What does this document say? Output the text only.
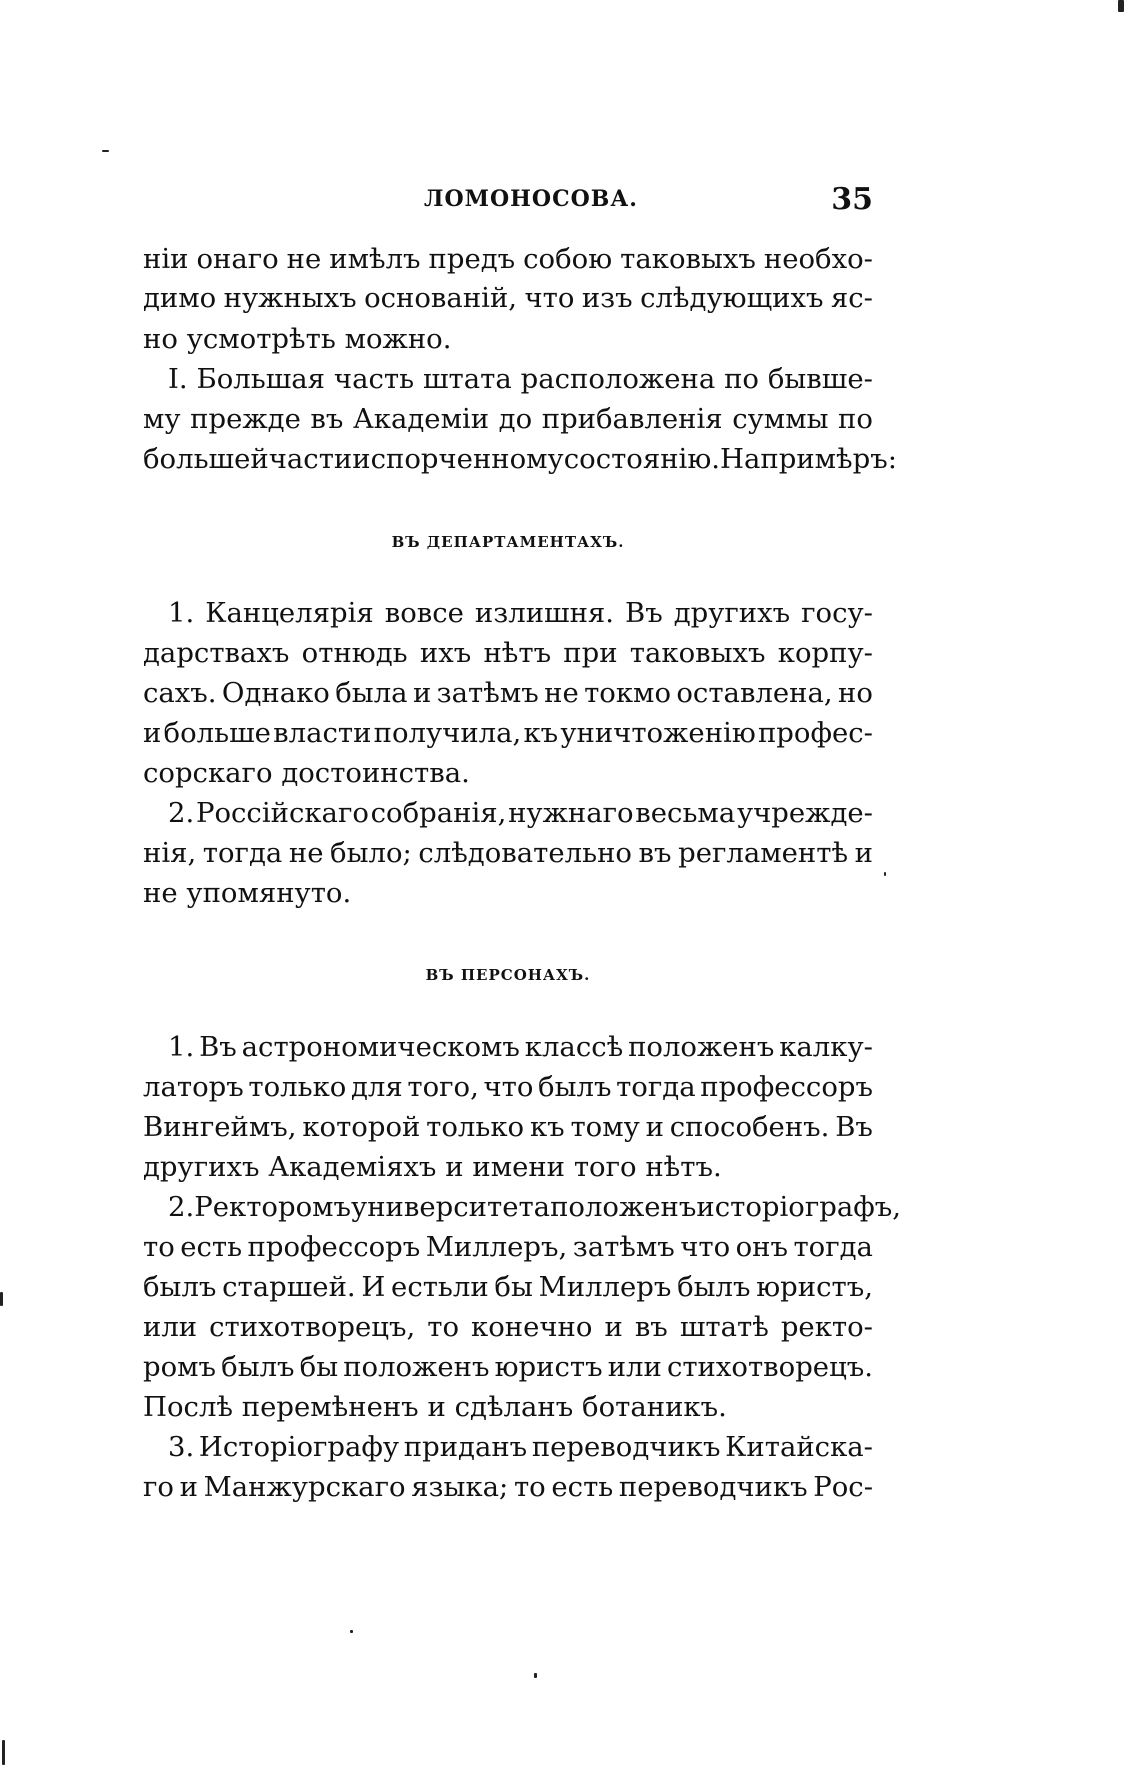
ЛОМОНОСОВА.	35
нiи онаго не имѣлъ предъ собою таковыхъ необхо-
димо нужныхъ основанiй, что изъ слѣдующихъ яс-
но усмотрѣть можно.
I. Большая часть штата расположена по бывше-
му прежде въ Академiи до прибавленiя суммы по
большей части испорченному состоянiю. Напримѣръ:
ВЪ ДЕПАРТАМЕНТАХЪ.
1. Канцелярiя вовсе излишня. Въ другихъ госу-
дарствахъ отнюдь ихъ нѣтъ при таковыхъ корпу-
сахъ. Однако была и затѣмъ не токмо оставлена, но
и больше власти получила, къ уничтоженiю профес-
сорскаго достоинства.
2. Россiйскаго собранiя, нужнаго весьма учрежде-
нiя, тогда не было; слѣдовательно въ регламентѣ и
не упомянуто.
ВЪ ПЕРСОНАХЪ.
1. Въ астрономическомъ классѣ положенъ калку-
латоръ только для того, что былъ тогда профессоръ
Вингеймъ, которой только къ тому и способенъ. Въ
другихъ Академiяхъ и имени того нѣтъ.
2. Ректоромъ университета положенъ исторiографъ,
то есть профессоръ Миллеръ, затѣмъ что онъ тогда
былъ старшей. И естьли бы Миллеръ былъ юристъ,
или стихотворецъ, то конечно и въ штатѣ ректо-
ромъ былъ бы положенъ юристъ или стихотворецъ.
Послѣ перемѣненъ и сдѣланъ ботаникъ.
3. Исторiографу приданъ переводчикъ Китайска-
го и Манжурскаго языка; то есть переводчикъ Рос-
